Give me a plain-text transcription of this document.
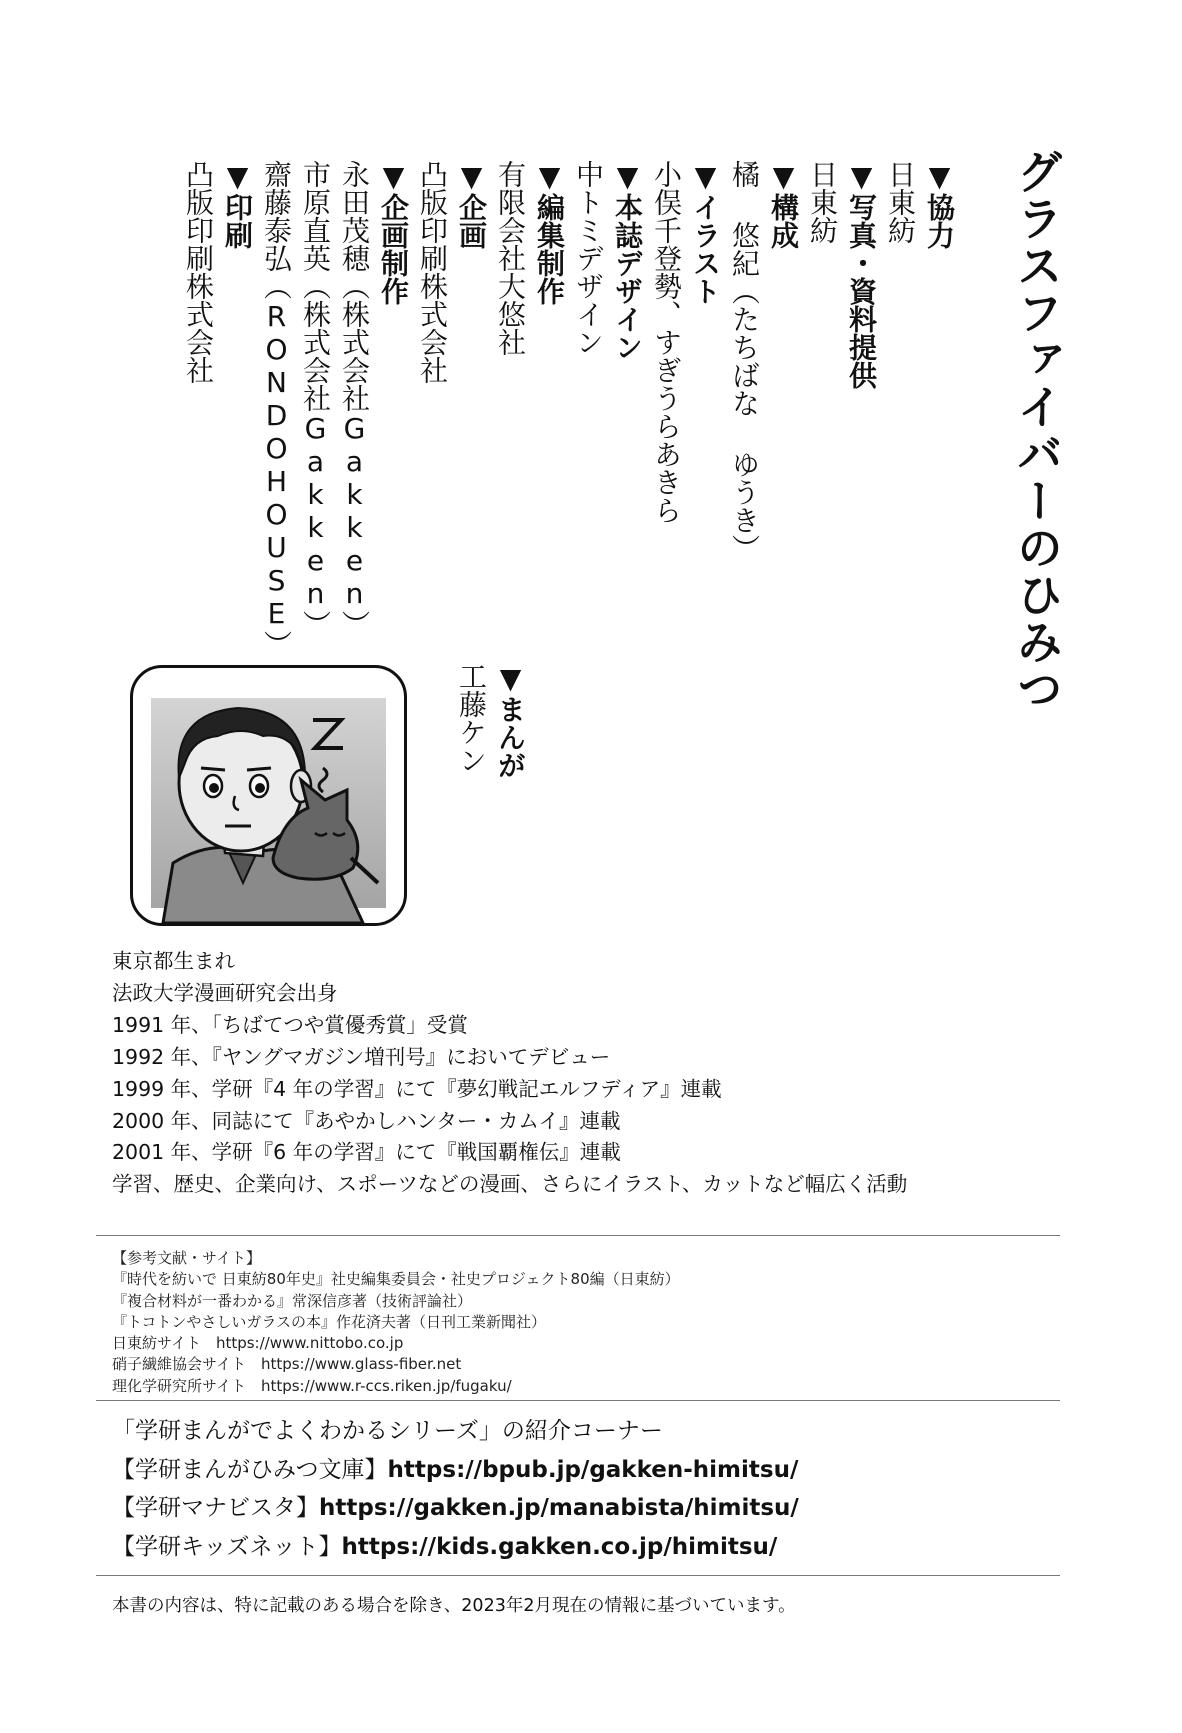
グラスファイバーのひみつ
▼協力
日東紡
▼写真・資料提供
日東紡
▼構成
橘 悠紀（たちばな ゆうき）
▼イラスト
小俣千登勢、すぎうらあきら
▼本誌デザイン
中トミデザイン
▼編集制作
有限会社大悠社
▼企画
凸版印刷株式会社
▼企画制作
永田茂穂（株式会社Gakken）
市原直英（株式会社Gakken）
齋藤泰弘（RONDOHOUSE）
▼印刷
凸版印刷株式会社
▼まんが
工藤ケン
東京都生まれ
法政大学漫画研究会出身
1991 年、「ちばてつや賞優秀賞」受賞
1992 年、『ヤングマガジン増刊号』においてデビュー
1999 年、学研『4 年の学習』にて『夢幻戦記エルフディア』連載
2000 年、同誌にて『あやかしハンター・カムイ』連載
2001 年、学研『6 年の学習』にて『戦国覇権伝』連載
学習、歴史、企業向け、スポーツなどの漫画、さらにイラスト、カットなど幅広く活動
【参考文献・サイト】
『時代を紡いで 日東紡80年史』社史編集委員会・社史プロジェクト80編（日東紡）
『複合材料が一番わかる』常深信彦著（技術評論社）
『トコトンやさしいガラスの本』作花済夫著（日刊工業新聞社）
日東紡サイト　https://www.nittobo.co.jp
硝子繊維協会サイト　https://www.glass-fiber.net
理化学研究所サイト　https://www.r-ccs.riken.jp/fugaku/
「学研まんがでよくわかるシリーズ」の紹介コーナー
【学研まんがひみつ文庫】https://bpub.jp/gakken-himitsu/
【学研マナビスタ】https://gakken.jp/manabista/himitsu/
【学研キッズネット】https://kids.gakken.co.jp/himitsu/
本書の内容は、特に記載のある場合を除き、2023年2月現在の情報に基づいています。
